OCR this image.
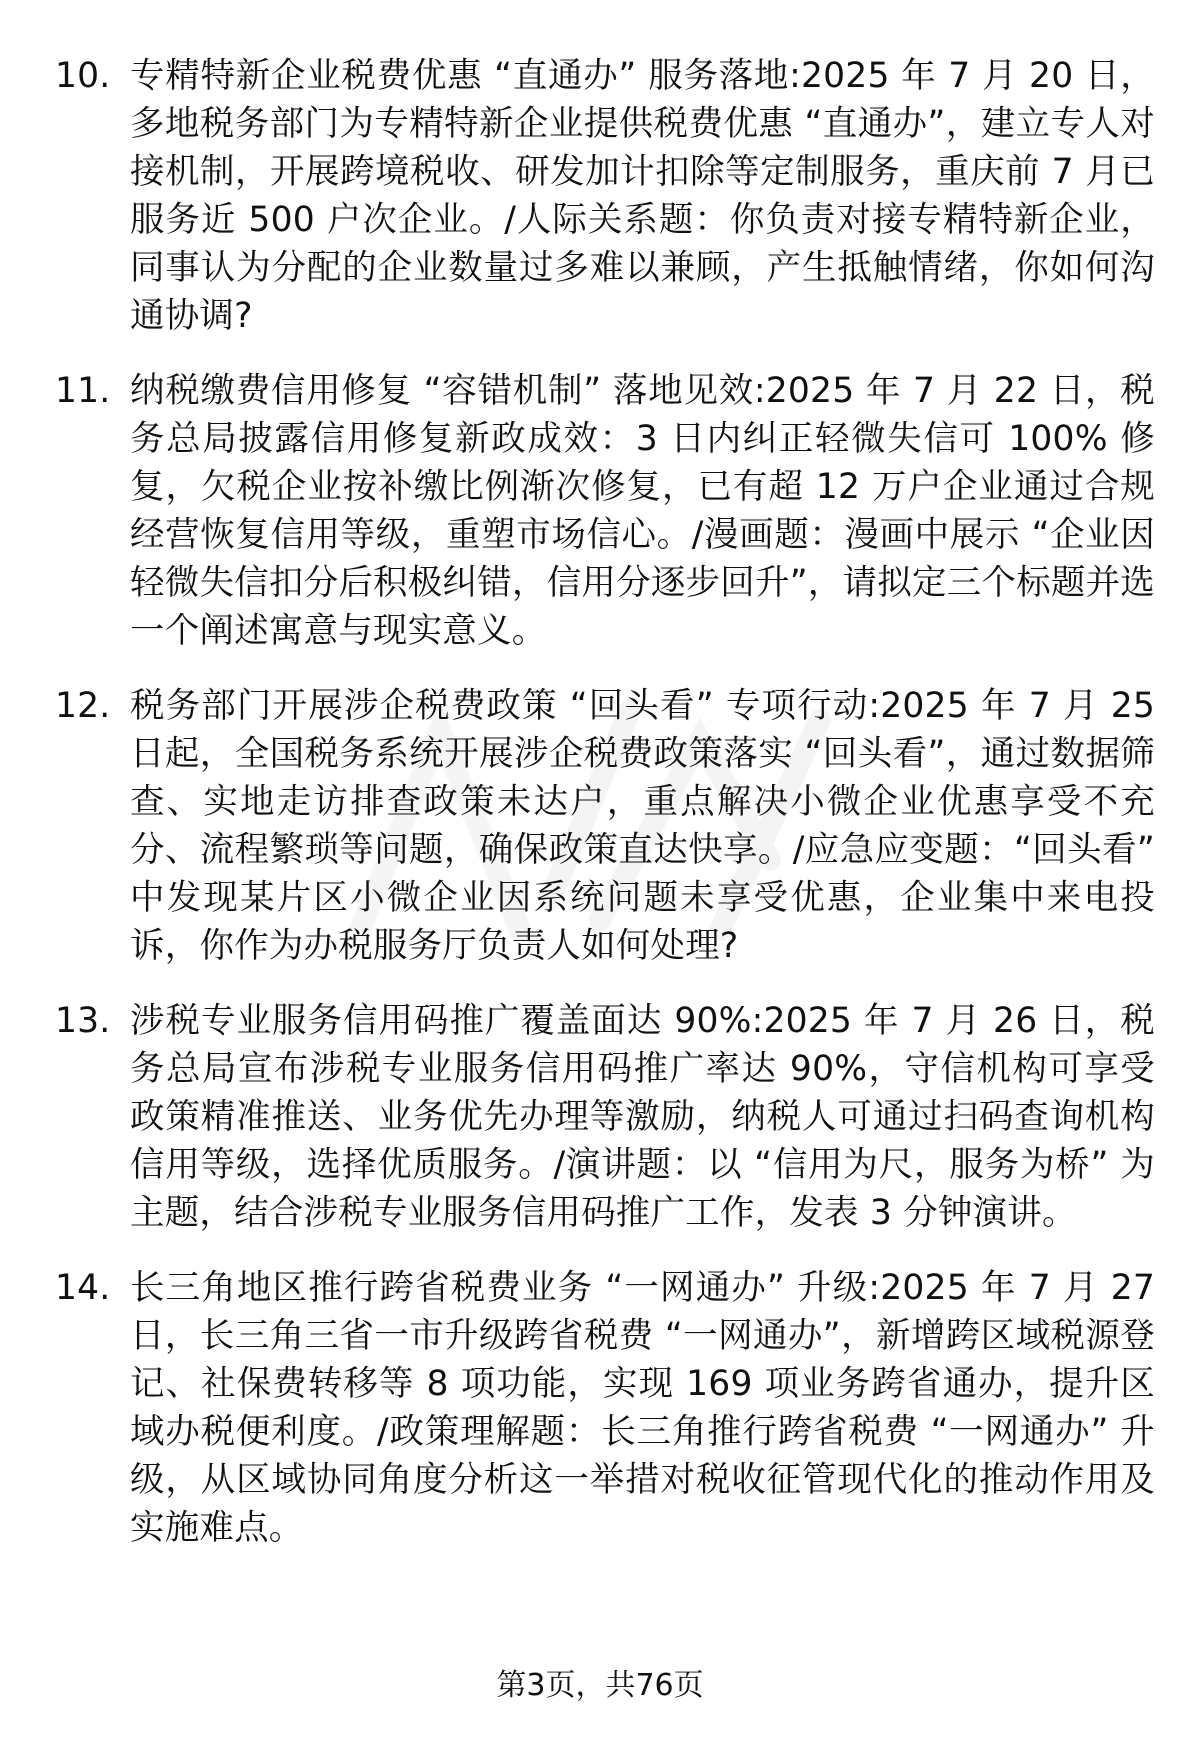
10. 专精特新企业税费优惠 “直通办” 服务落地:2025 年 7 月 20 日，多地税务部门为专精特新企业提供税费优惠 “直通办”，建立专人对接机制，开展跨境税收、研发加计扣除等定制服务，重庆前 7 月已服务近 500 户次企业。/人际关系题：你负责对接专精特新企业，同事认为分配的企业数量过多难以兼顾，产生抵触情绪，你如何沟通协调?
11. 纳税缴费信用修复 “容错机制” 落地见效:2025 年 7 月 22 日，税务总局披露信用修复新政成效：3 日内纠正轻微失信可 100% 修复，欠税企业按补缴比例渐次修复，已有超 12 万户企业通过合规经营恢复信用等级，重塑市场信心。/漫画题：漫画中展示 “企业因轻微失信扣分后积极纠错，信用分逐步回升”，请拟定三个标题并选一个阐述寓意与现实意义。
12. 税务部门开展涉企税费政策 “回头看” 专项行动:2025 年 7 月 25 日起，全国税务系统开展涉企税费政策落实 “回头看”，通过数据筛查、实地走访排查政策未达户，重点解决小微企业优惠享受不充分、流程繁琐等问题，确保政策直达快享。/应急应变题：“回头看” 中发现某片区小微企业因系统问题未享受优惠，企业集中来电投诉，你作为办税服务厅负责人如何处理?
13. 涉税专业服务信用码推广覆盖面达 90%:2025 年 7 月 26 日，税务总局宣布涉税专业服务信用码推广率达 90%，守信机构可享受政策精准推送、业务优先办理等激励，纳税人可通过扫码查询机构信用等级，选择优质服务。/演讲题：以 “信用为尺，服务为桥” 为主题，结合涉税专业服务信用码推广工作，发表 3 分钟演讲。
14. 长三角地区推行跨省税费业务 “一网通办” 升级:2025 年 7 月 27 日，长三角三省一市升级跨省税费 “一网通办”，新增跨区域税源登记、社保费转移等 8 项功能，实现 169 项业务跨省通办，提升区域办税便利度。/政策理解题：长三角推行跨省税费 “一网通办” 升级，从区域协同角度分析这一举措对税收征管现代化的推动作用及实施难点。
第3页，共76页
